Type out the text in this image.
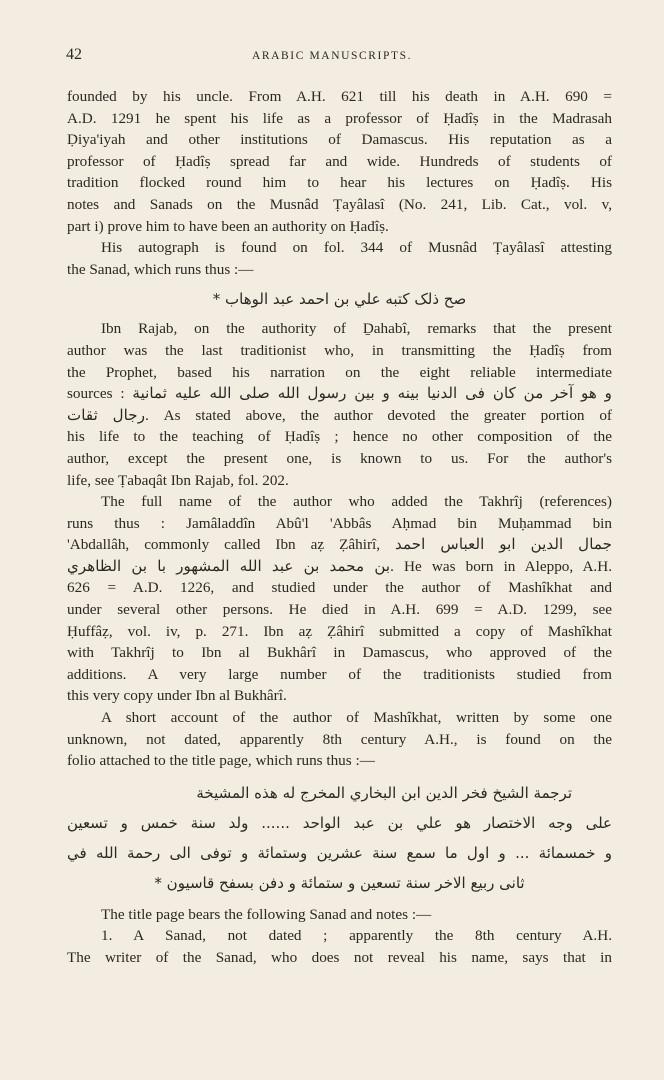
42	ARABIC MANUSCRIPTS.
founded by his uncle. From A.H. 621 till his death in A.H. 690 =
A.D. 1291 he spent his life as a professor of Ḥadîṣ in the Madrasah
Ḍiya'iyah and other institutions of Damascus. His reputation as a
professor of Ḥadîṣ spread far and wide. Hundreds of students of
tradition flocked round him to hear his lectures on Ḥadîṣ. His
notes and Sanads on the Musnâd Ṭayâlasî (No. 241, Lib. Cat., vol. v,
part i) prove him to have been an authority on Ḥadîṣ.
His autograph is found on fol. 344 of Musnâd Ṭayâlasî attesting
the Sanad, which runs thus :—
صح ذلک کتبه علي بن احمد عبد الوهاب *
Ibn Rajab, on the authority of Ḏahabî, remarks that the present
author was the last traditionist who, in transmitting the Ḥadîṣ from
the Prophet, based his narration on the eight reliable intermediate
sources : و هو آخر من كان فى الدنيا بينه و بين رسول الله صلى الله عليه ثمانية
رجال ثقات. As stated above, the author devoted the greater portion of
his life to the teaching of Ḥadîṣ ; hence no other composition of the
author, except the present one, is known to us. For the author's
life, see Ṭabaqât Ibn Rajab, fol. 202.
The full name of the author who added the Takhrîj (references)
runs thus : Jamâladdîn Abû'l 'Abbâs Aḥmad bin Muḥammad bin
'Abdallâh, commonly called Ibn aẓ Ẓâhirî, جمال الدين ابو العباس احمد
بن محمد بن عبد الله المشهور با بن الظاهري. He was born in Aleppo, A.H.
626 = A.D. 1226, and studied under the author of Mashîkhat and
under several other persons. He died in A.H. 699 = A.D. 1299, see
Ḥuffâẓ, vol. iv, p. 271. Ibn aẓ Ẓâhirî submitted a copy of Mashîkhat
with Takhrîj to Ibn al Bukhârî in Damascus, who approved of the
additions. A very large number of the traditionists studied from
this very copy under Ibn al Bukhârî.
A short account of the author of Mashîkhat, written by some one
unknown, not dated, apparently 8th century A.H., is found on the
folio attached to the title page, which runs thus :—
ترجمة الشيخ فخر الدين ابن البخاري المخرج له هذه المشيخة
على وجه الاختصار هو علي بن عبد الواحد ...... ولد سنة خمس و تسعين
و خمسمائة ... و اول ما سمع سنة عشرين وستمائة و توفى الى رحمة الله في
ثانى ربيع الاخر سنة تسعين و ستمائة و دفن بسفح قاسيون *
The title page bears the following Sanad and notes :—
1. A Sanad, not dated ; apparently the 8th century A.H.
The writer of the Sanad, who does not reveal his name, says that in
